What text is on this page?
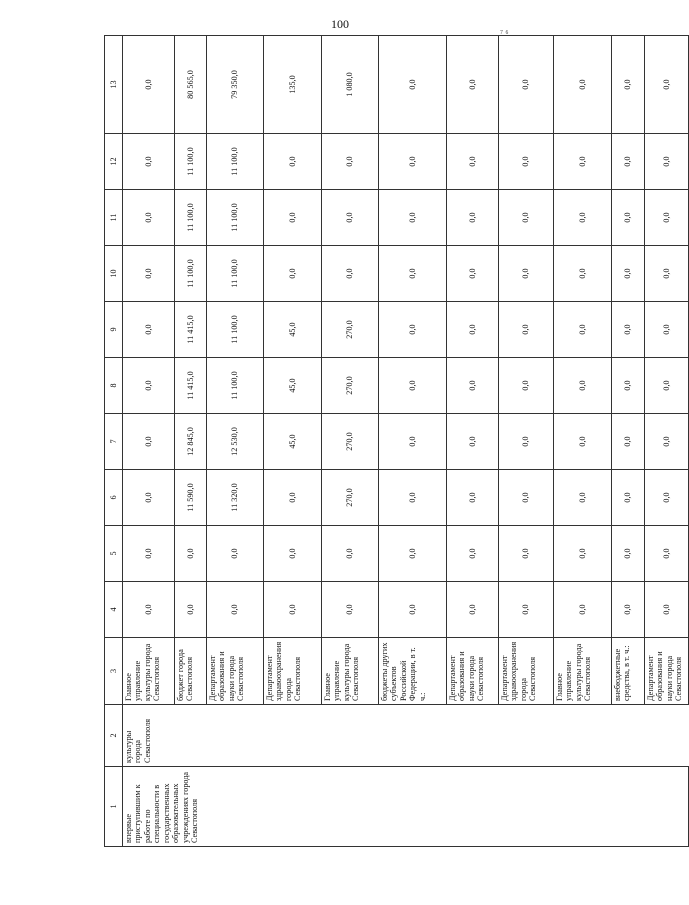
100	₇ ₆
1	2	3	4	5	6	7	8	9	10	11	12	13
впервые приступившим к работе по специальности в государственных образовательных учреждениях города Севастополя	культуры города Севастополя	Главное управление культуры города Севастополя	0,0	0,0	0,0	0,0	0,0	0,0	0,0	0,0	0,0	0,0
		бюджет города Севастополя	0,0	0,0	11 590,0	12 845,0	11 415,0	11 415,0	11 100,0	11 100,0	11 100,0	80 565,0
		Департамент образования и науки города Севастополя	0,0	0,0	11 320,0	12 530,0	11 100,0	11 100,0	11 100,0	11 100,0	11 100,0	79 350,0
		Департамент здравоохранения города Севастополя	0,0	0,0	0,0	45,0	45,0	45,0	0,0	0,0	0,0	135,0
		Главное управление культуры города Севастополя	0,0	0,0	270,0	270,0	270,0	270,0	0,0	0,0	0,0	1 080,0
		бюджеты других субъектов Российской Федерации, в т. ч.:	0,0	0,0	0,0	0,0	0,0	0,0	0,0	0,0	0,0	0,0
		Департамент образования и науки города Севастополя	0,0	0,0	0,0	0,0	0,0	0,0	0,0	0,0	0,0	0,0
		Департамент здравоохранения города Севастополя	0,0	0,0	0,0	0,0	0,0	0,0	0,0	0,0	0,0	0,0
		Главное управление культуры города Севастополя	0,0	0,0	0,0	0,0	0,0	0,0	0,0	0,0	0,0	0,0
		внебюджетные средства, в т. ч.:	0,0	0,0	0,0	0,0	0,0	0,0	0,0	0,0	0,0	0,0
		Департамент образования и науки города Севастополя	0,0	0,0	0,0	0,0	0,0	0,0	0,0	0,0	0,0	0,0
